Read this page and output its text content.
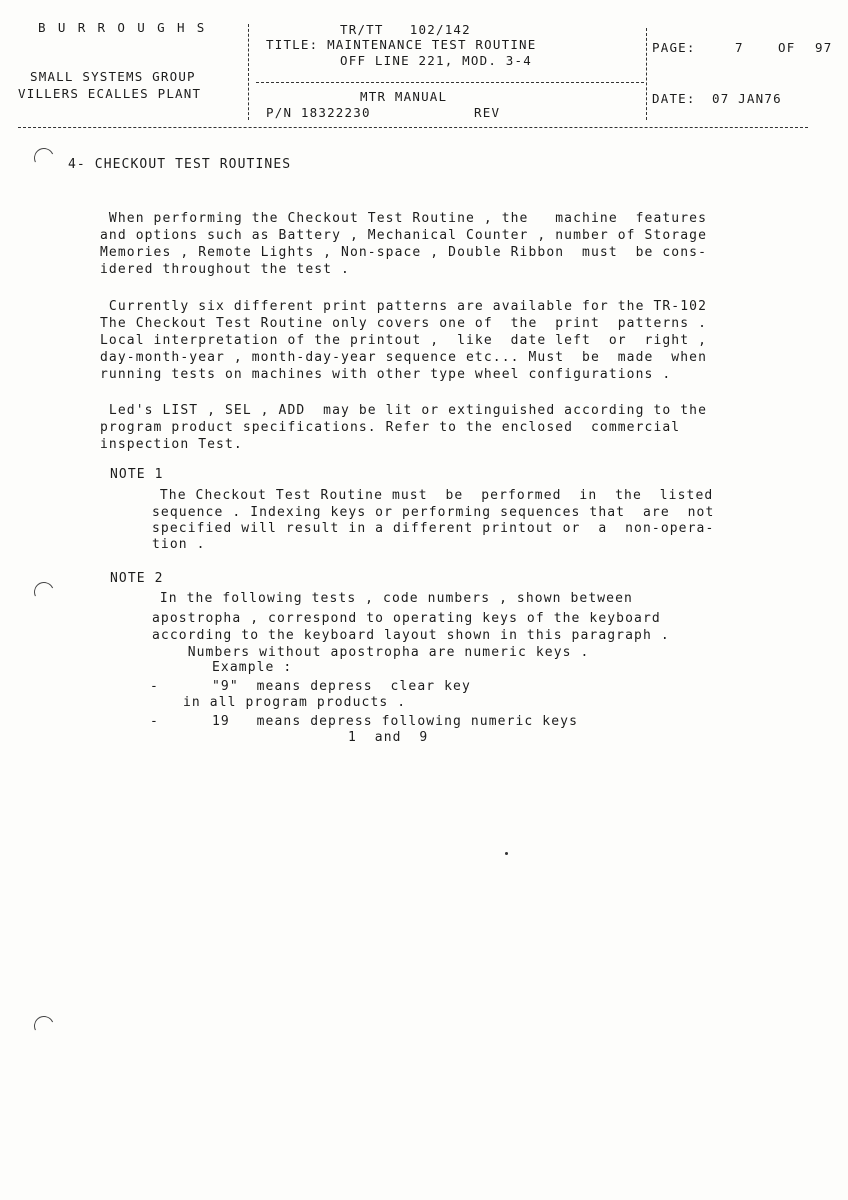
B U R R O U G H S
SMALL SYSTEMS GROUP
VILLERS ECALLES PLANT
TR/TT   102/142
TITLE: MAINTENANCE TEST ROUTINE
OFF LINE 221, MOD. 3-4
MTR MANUAL
P/N 18322230	REV
PAGE:	7	OF 97
DATE: 07 JAN76
4- CHECKOUT TEST ROUTINES
When performing the Checkout Test Routine , the   machine  features
and options such as Battery , Mechanical Counter , number of Storage
Memories , Remote Lights , Non-space , Double Ribbon  must  be cons-
idered throughout the test .
Currently six different print patterns are available for the TR-102
The Checkout Test Routine only covers one of  the  print  patterns .
Local interpretation of the printout ,  like  date left  or  right ,
day-month-year , month-day-year sequence etc... Must  be  made  when
running tests on machines with other type wheel configurations .
Led's LIST , SEL , ADD  may be lit or extinguished according to the
program product specifications. Refer to the enclosed  commercial
inspection Test.
NOTE 1
The Checkout Test Routine must  be  performed  in  the  listed
sequence . Indexing keys or performing sequences that  are  not
specified will result in a different printout or  a  non-opera-
tion .
NOTE 2
In the following tests , code numbers , shown between
apostropha , correspond to operating keys of the keyboard
according to the keyboard layout shown in this paragraph .
Numbers without apostropha are numeric keys .
Example :
-	"9"  means depress  clear key
in all program products .
-	19   means depress following numeric keys
1  and  9
